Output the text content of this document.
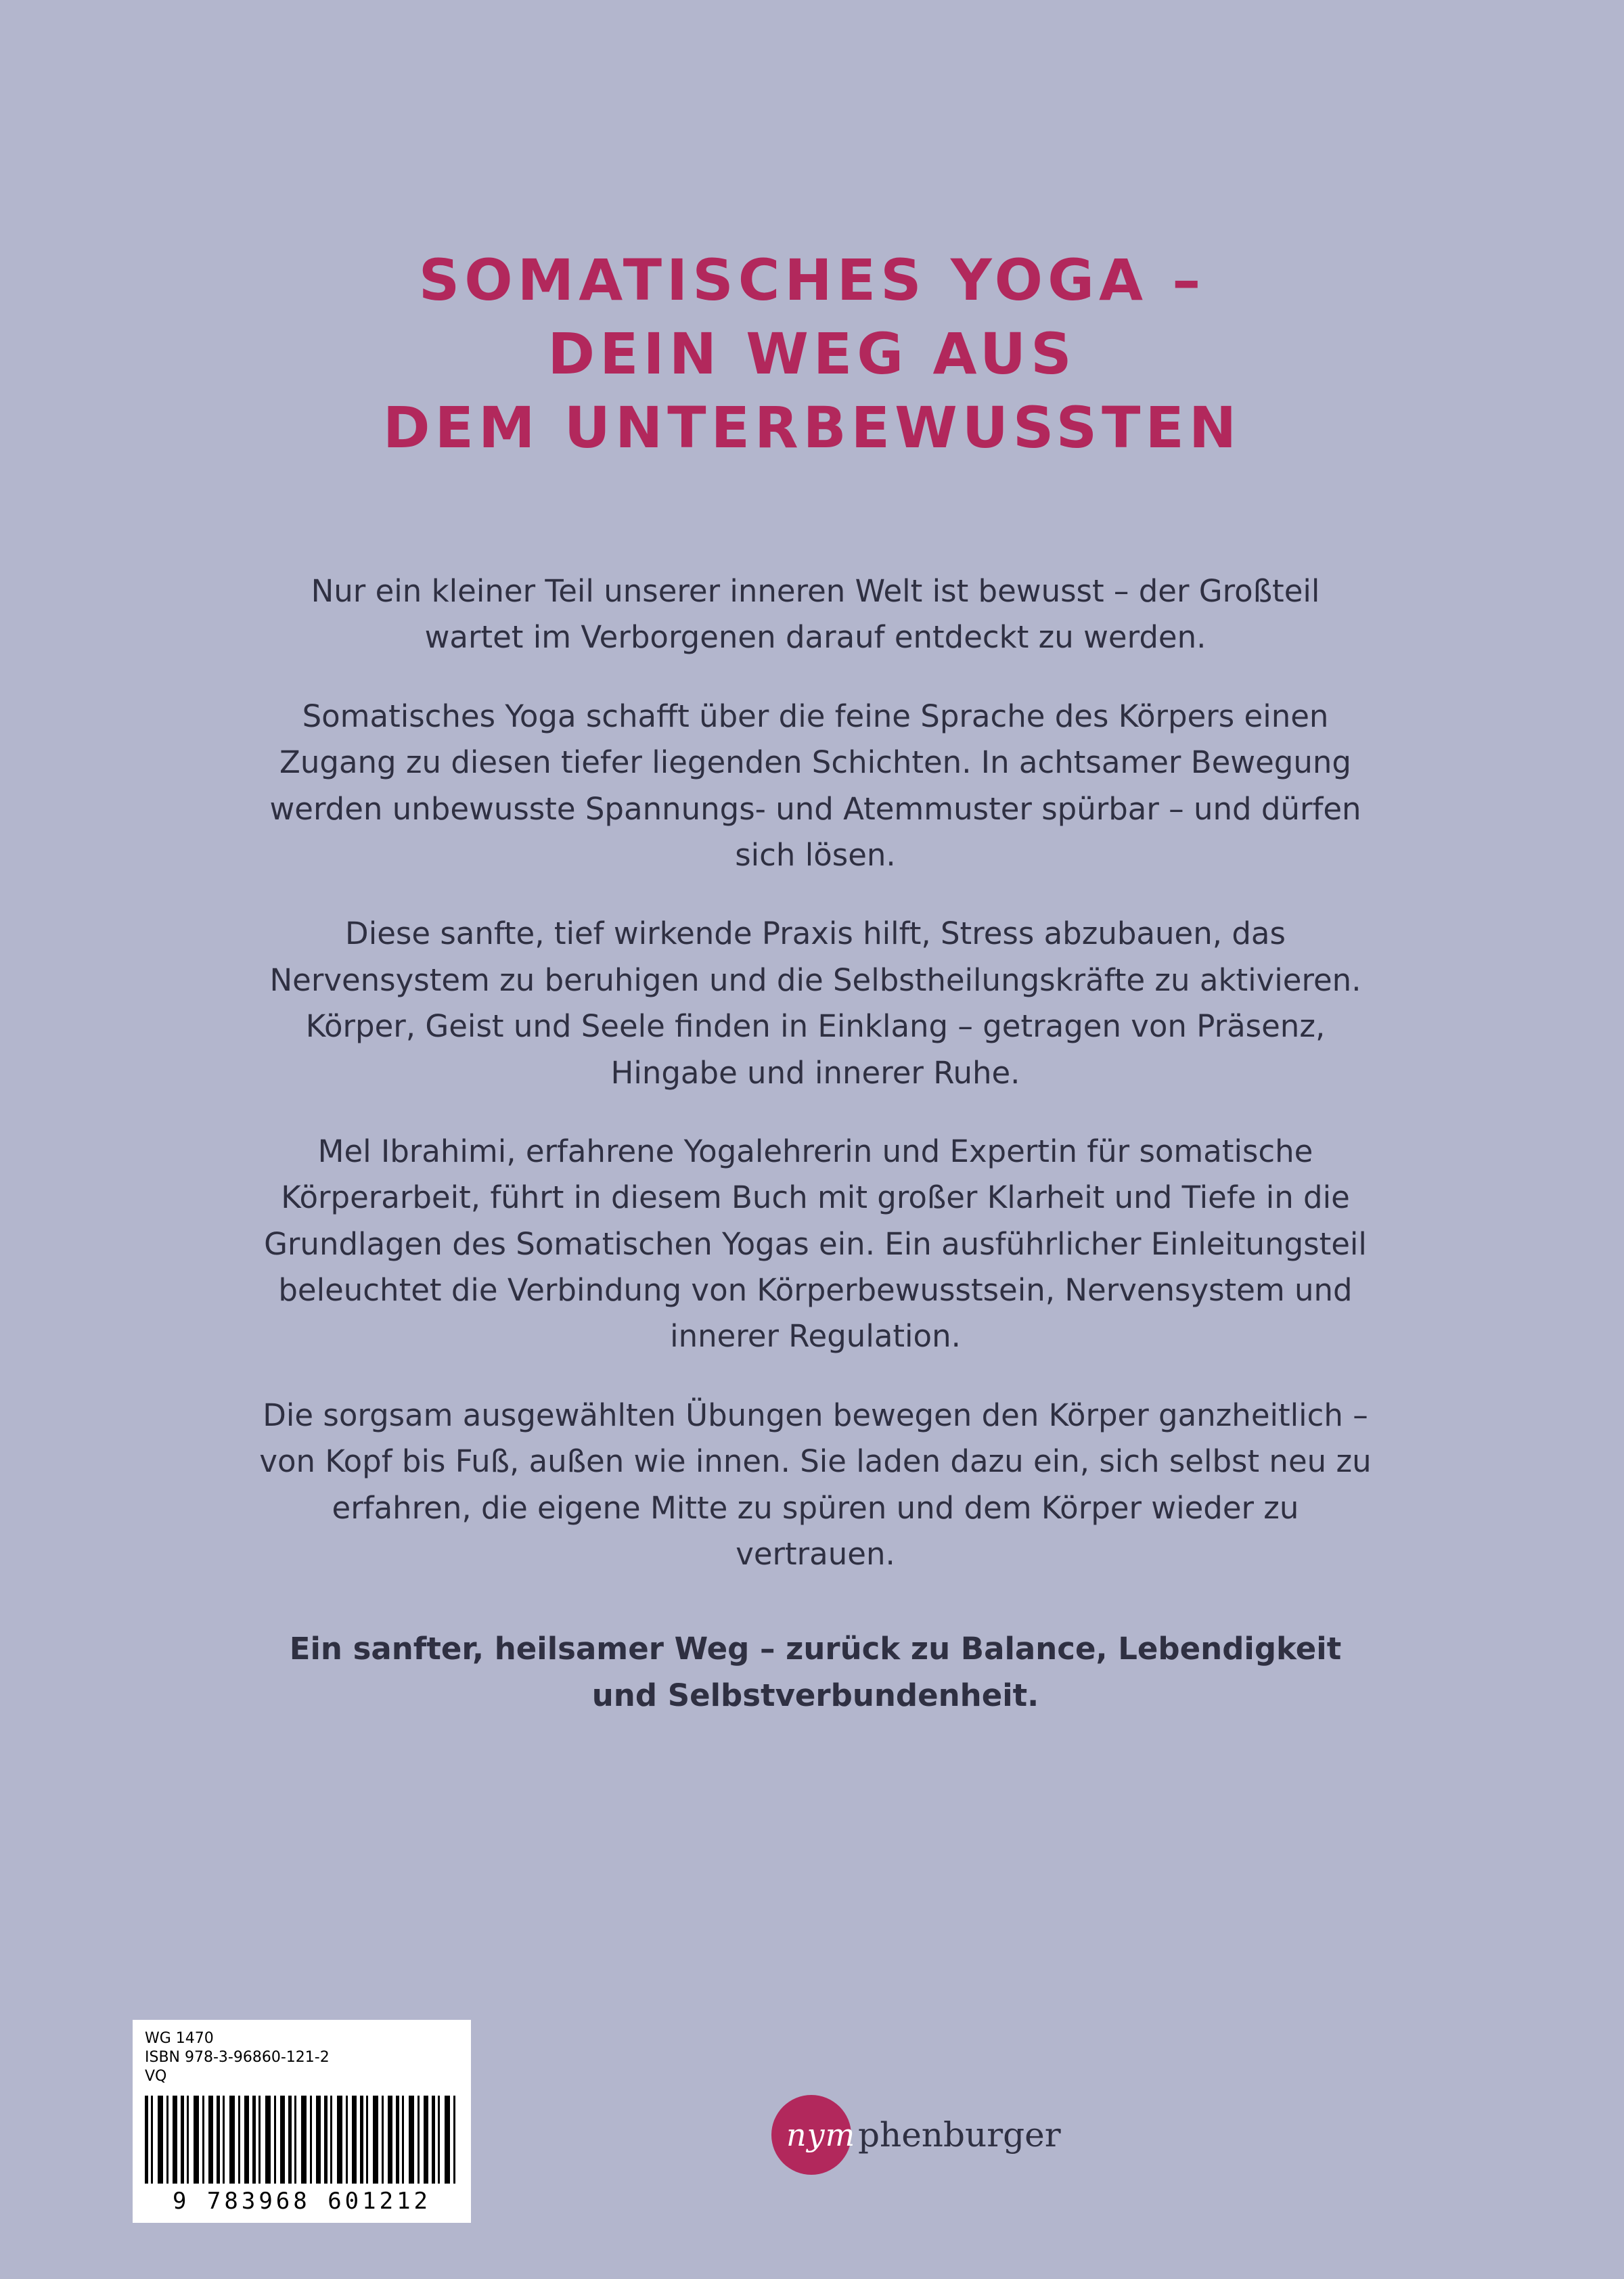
SOMATISCHES YOGA –
DEIN WEG AUS
DEM UNTERBEWUSSTEN

Nur ein kleiner Teil unserer inneren Welt ist bewusst – der Großteil wartet im Verborgenen darauf entdeckt zu werden.

Somatisches Yoga schafft über die feine Sprache des Körpers einen Zugang zu diesen tiefer liegenden Schichten. In achtsamer Bewegung werden unbewusste Spannungs- und Atemmuster spürbar – und dürfen sich lösen.

Diese sanfte, tief wirkende Praxis hilft, Stress abzubauen, das Nervensystem zu beruhigen und die Selbstheilungskräfte zu aktivieren. Körper, Geist und Seele finden in Einklang – getragen von Präsenz, Hingabe und innerer Ruhe.

Mel Ibrahimi, erfahrene Yogalehrerin und Expertin für somatische Körperarbeit, führt in diesem Buch mit großer Klarheit und Tiefe in die Grundlagen des Somatischen Yogas ein. Ein ausführlicher Einleitungsteil beleuchtet die Verbindung von Körperbewusstsein, Nervensystem und innerer Regulation.

Die sorgsam ausgewählten Übungen bewegen den Körper ganzheitlich – von Kopf bis Fuß, außen wie innen. Sie laden dazu ein, sich selbst neu zu erfahren, die eigene Mitte zu spüren und dem Körper wieder zu vertrauen.

Ein sanfter, heilsamer Weg – zurück zu Balance, Lebendigkeit und Selbstverbundenheit.

WG 1470
ISBN 978-3-96860-121-2
VQ
9 783968 601212
nym phenburger
